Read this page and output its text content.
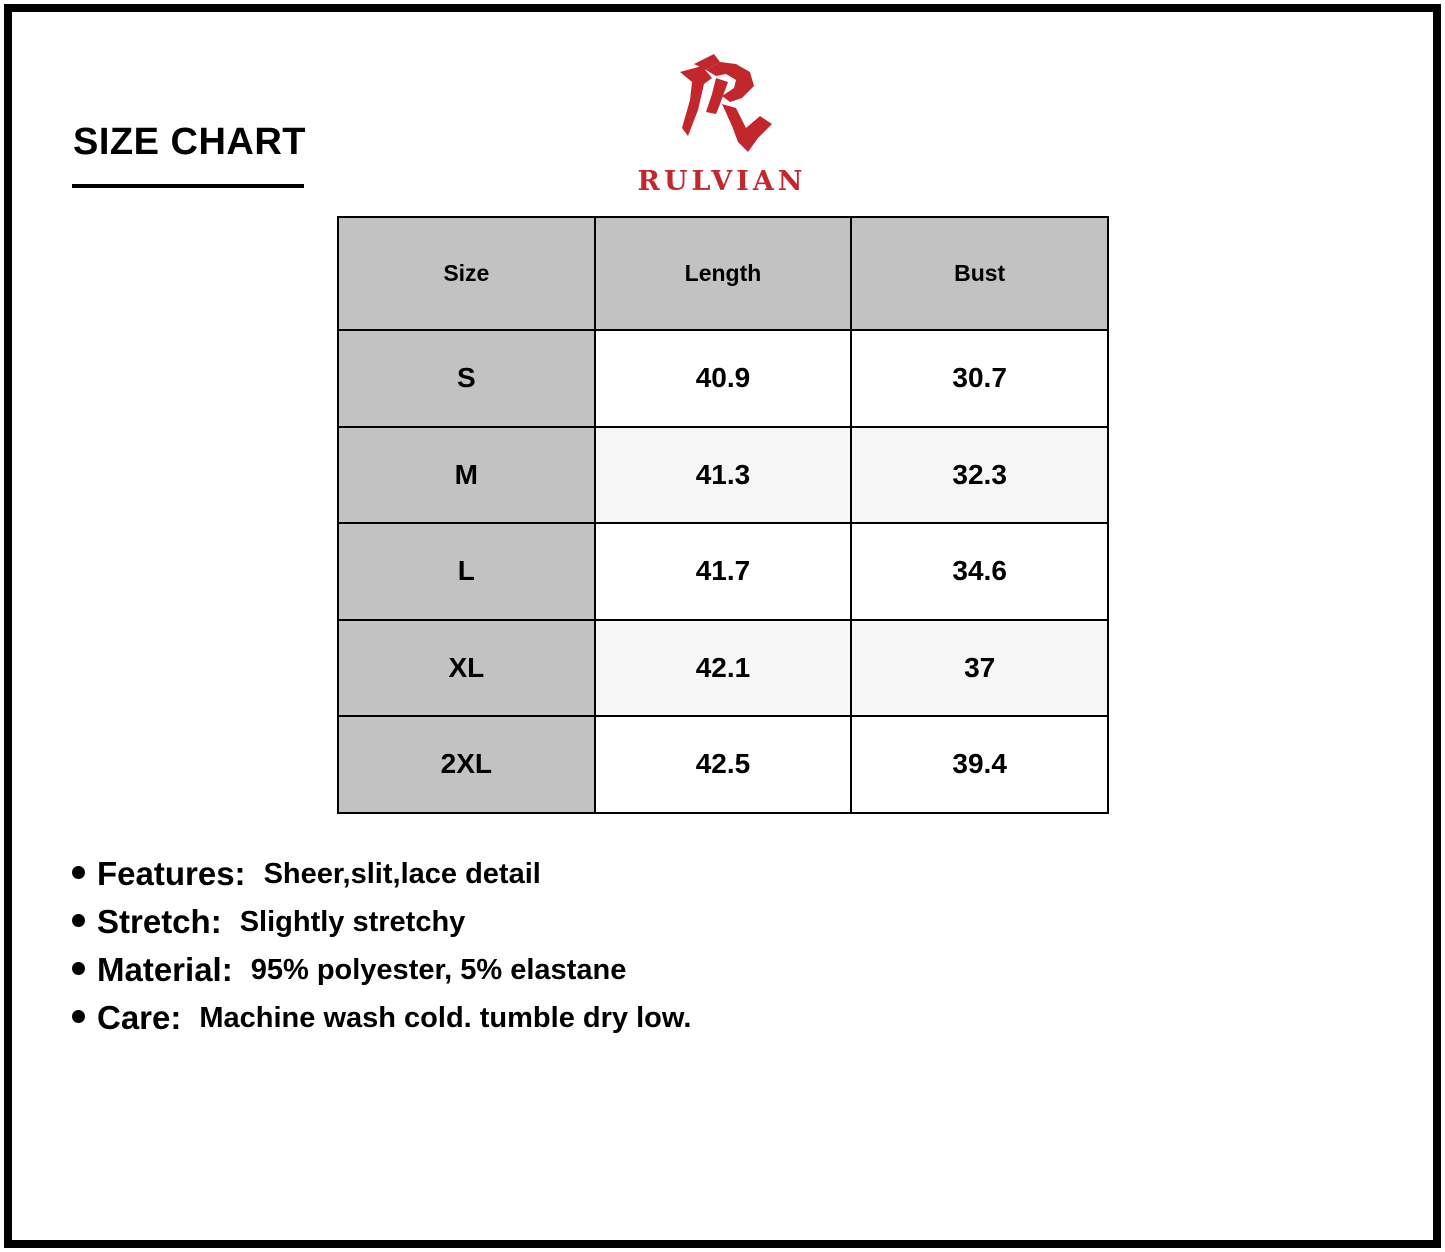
SIZE CHART
RULVIAN
Size	Length	Bust
S	40.9	30.7
M	41.3	32.3
L	41.7	34.6
XL	42.1	37
2XL	42.5	39.4
Features: Sheer,slit,lace detail
Stretch: Slightly stretchy
Material: 95% polyester, 5% elastane
Care: Machine wash cold. tumble dry low.
